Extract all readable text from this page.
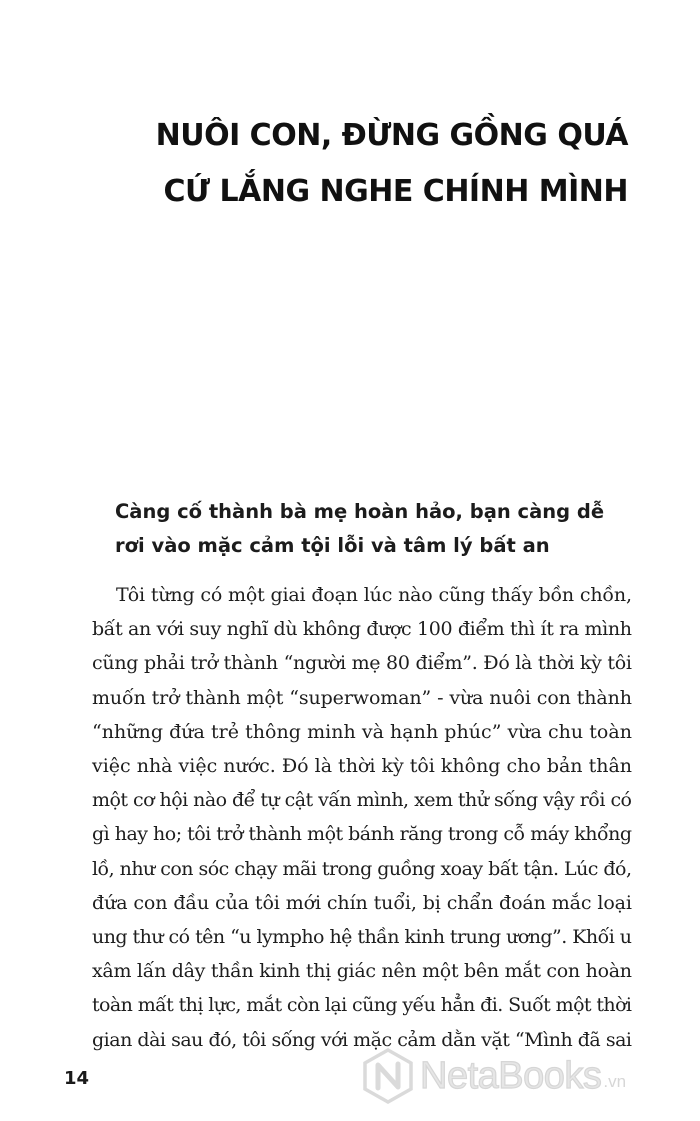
NUÔI CON, ĐỪNG GỒNG QUÁ
CỨ LẮNG NGHE CHÍNH MÌNH
Càng cố thành bà mẹ hoàn hảo, bạn càng dễ
rơi vào mặc cảm tội lỗi và tâm lý bất an
Tôi từng có một giai đoạn lúc nào cũng thấy bồn chồn,
bất an với suy nghĩ dù không được 100 điểm thì ít ra mình
cũng phải trở thành “người mẹ 80 điểm”. Đó là thời kỳ tôi
muốn trở thành một “superwoman” - vừa nuôi con thành
“những đứa trẻ thông minh và hạnh phúc” vừa chu toàn
việc nhà việc nước. Đó là thời kỳ tôi không cho bản thân
một cơ hội nào để tự cật vấn mình, xem thử sống vậy rồi có
gì hay ho; tôi trở thành một bánh răng trong cỗ máy khổng
lồ, như con sóc chạy mãi trong guồng xoay bất tận. Lúc đó,
đứa con đầu của tôi mới chín tuổi, bị chẩn đoán mắc loại
ung thư có tên “u lympho hệ thần kinh trung ương”. Khối u
xâm lấn dây thần kinh thị giác nên một bên mắt con hoàn
toàn mất thị lực, mắt còn lại cũng yếu hẳn đi. Suốt một thời
gian dài sau đó, tôi sống với mặc cảm dằn vặt “Mình đã sai
14	NetaBooks .vn
